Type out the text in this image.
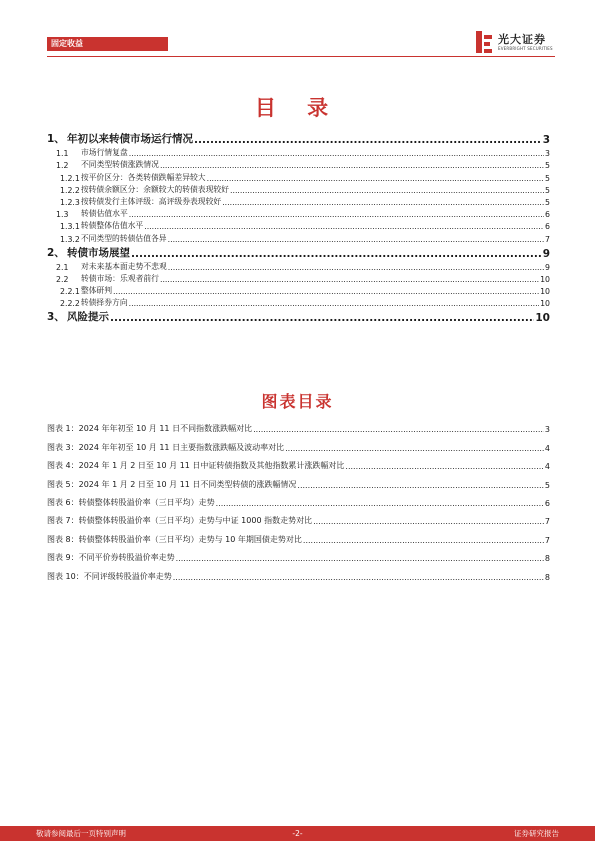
固定收益	光大证券
EVERBRIGHT SECURITIES
目 录
1、 年初以来转债市场运行情况 .....	3
1.1	市场行情复盘 .....	3
1.2	不同类型转债涨跌情况 .....	5
1.2.1 按平价区分：各类转债跌幅差异较大 .....	5
1.2.2 按转债余额区分：余额较大的转债表现较好 .....	5
1.2.3 按转债发行主体评级：高评级券表现较好 .....	5
1.3	转债估值水平 .....	6
1.3.1 转债整体估值水平 .....	6
1.3.2 不同类型的转债估值各异 .....	7
2、 转债市场展望 .....	9
2.1	对未来基本面走势不悲观 .....	9
2.2	转债市场：乐观者前行 .....	10
2.2.1 整体研判 .....	10
2.2.2 转债择券方向 .....	10
3、 风险提示 .....	10
图表目录
图表 1：2024 年年初至 10 月 11 日不同指数涨跌幅对比 .....	3
图表 3：2024 年年初至 10 月 11 日主要指数涨跌幅及波动率对比 .....	4
图表 4：2024 年 1 月 2 日至 10 月 11 日中证转债指数及其他指数累计涨跌幅对比 .....	4
图表 5：2024 年 1 月 2 日至 10 月 11 日不同类型转债的涨跌幅情况 .....	5
图表 6：转债整体转股溢价率（三日平均）走势 .....	6
图表 7：转债整体转股溢价率（三日平均）走势与中证 1000 指数走势对比 .....	7
图表 8：转债整体转股溢价率（三日平均）走势与 10 年期国债走势对比 .....	7
图表 9：不同平价券转股溢价率走势 .....	8
图表 10：不同评级转股溢价率走势 .....	8
敬请参阅最后一页特别声明	-2-	证券研究报告
